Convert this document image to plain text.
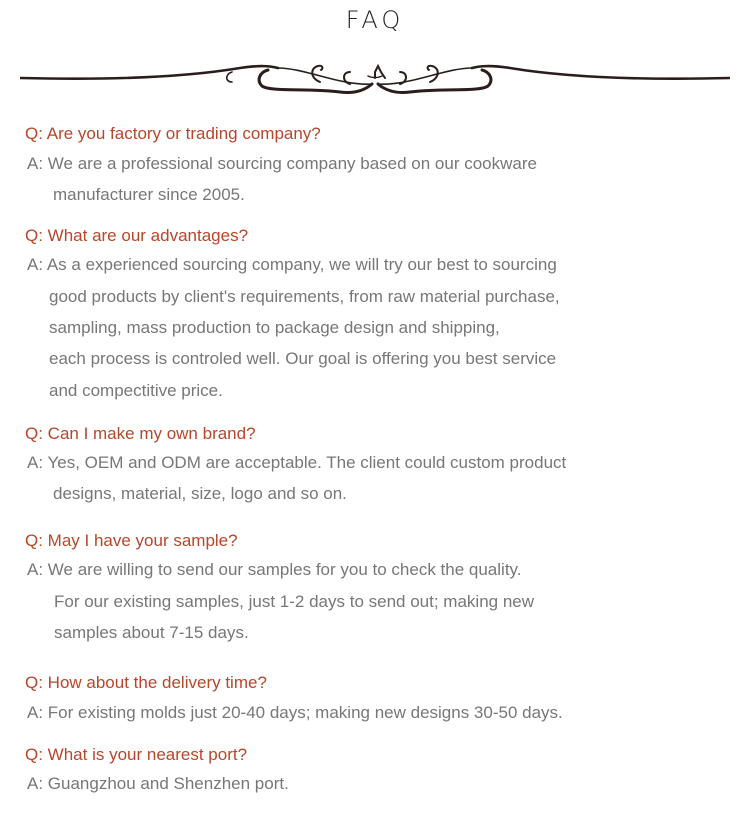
FAQ
Q: Are you factory or trading company?
A: We are a professional sourcing company based on our cookware
manufacturer since 2005.
Q: What are our advantages?
A: As a experienced sourcing company, we will try our best to sourcing
good products by client's requirements, from raw material purchase,
sampling, mass production to package design and shipping,
each process is controled well. Our goal is offering you best service
and compectitive price.
Q: Can I make my own brand?
A: Yes, OEM and ODM are acceptable. The client could custom product
designs, material, size, logo and so on.
Q: May I have your sample?
A: We are willing to send our samples for you to check the quality.
For our existing samples, just 1-2 days to send out; making new
samples about 7-15 days.
Q: How about the delivery time?
A: For existing molds just 20-40 days; making new designs 30-50 days.
Q: What is your nearest port?
A: Guangzhou and Shenzhen port.
